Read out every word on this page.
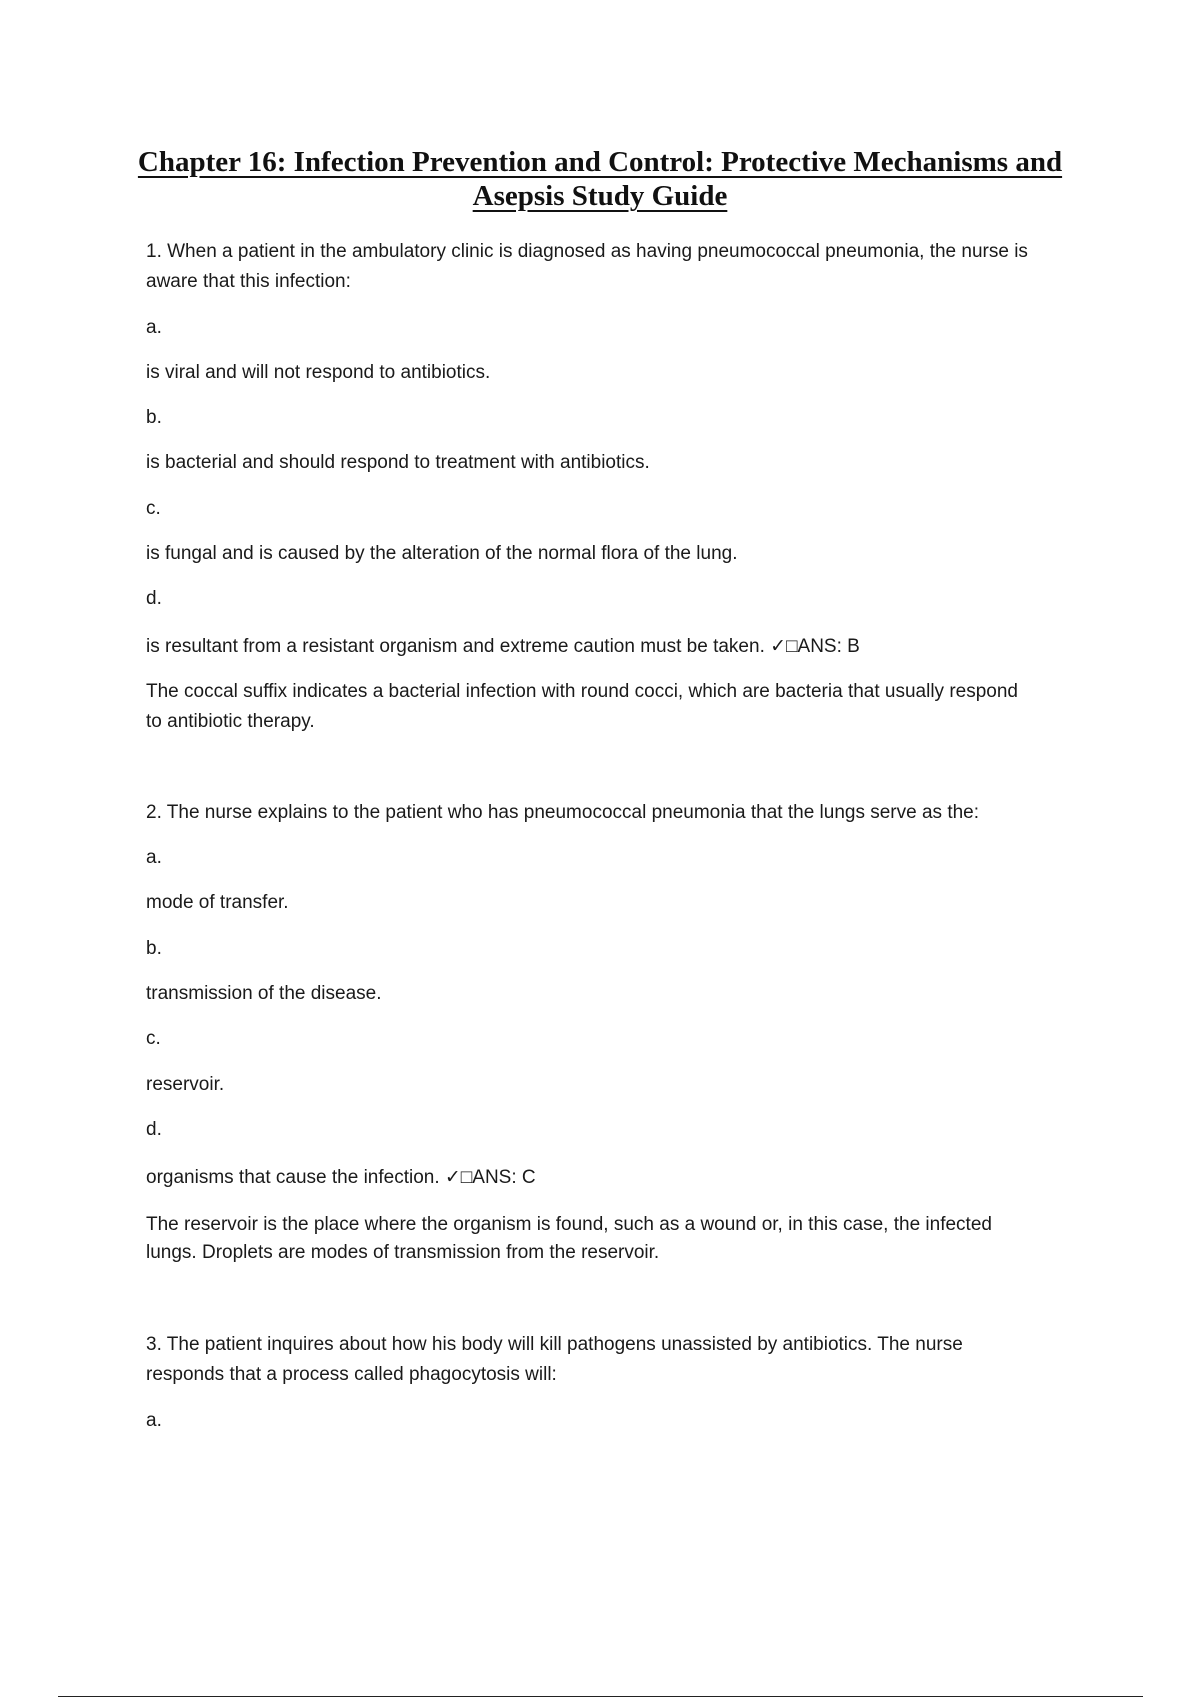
Chapter 16: Infection Prevention and Control: Protective Mechanisms and
Asepsis Study Guide
1. When a patient in the ambulatory clinic is diagnosed as having pneumococcal pneumonia, the nurse is
aware that this infection:
a.
is viral and will not respond to antibiotics.
b.
is bacterial and should respond to treatment with antibiotics.
c.
is fungal and is caused by the alteration of the normal flora of the lung.
d.
is resultant from a resistant organism and extreme caution must be taken. ✓□ANS: B
The coccal suffix indicates a bacterial infection with round cocci, which are bacteria that usually respond
to antibiotic therapy.
2. The nurse explains to the patient who has pneumococcal pneumonia that the lungs serve as the:
a.
mode of transfer.
b.
transmission of the disease.
c.
reservoir.
d.
organisms that cause the infection. ✓□ANS: C
The reservoir is the place where the organism is found, such as a wound or, in this case, the infected
lungs. Droplets are modes of transmission from the reservoir.
3. The patient inquires about how his body will kill pathogens unassisted by antibiotics. The nurse
responds that a process called phagocytosis will:
a.
